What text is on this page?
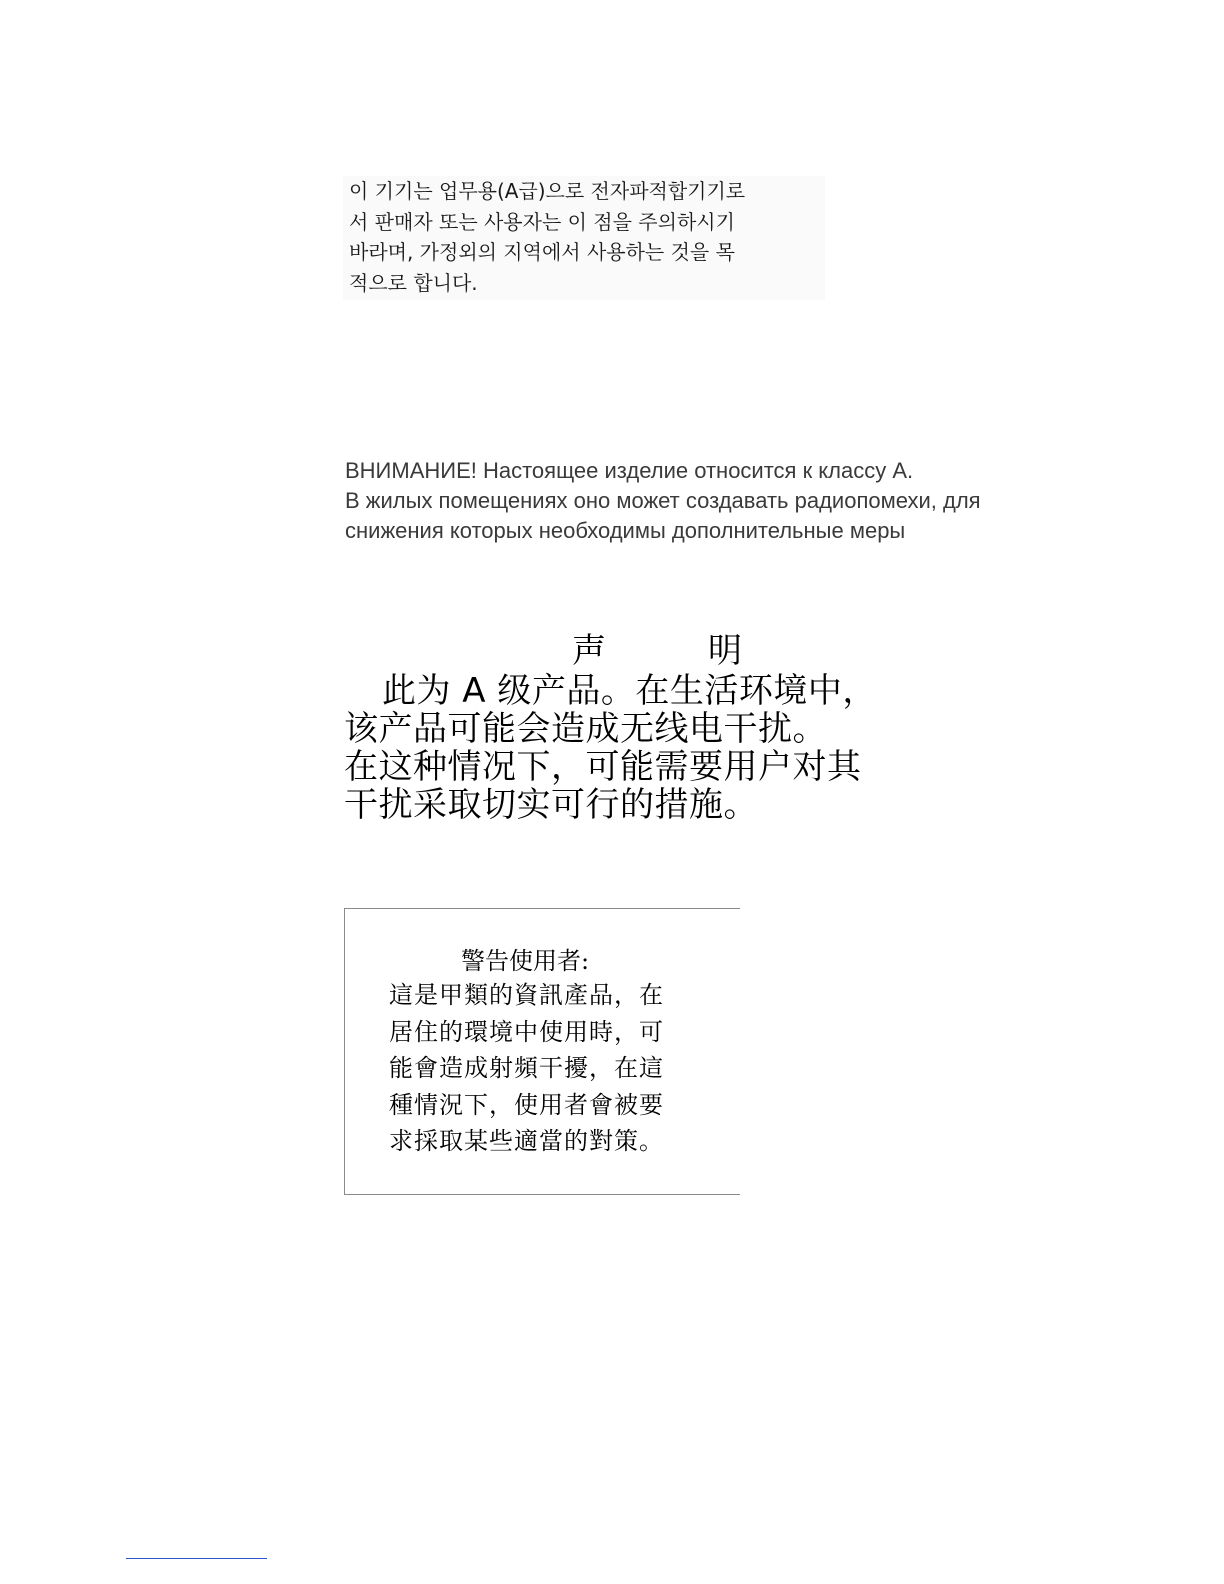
이 기기는 업무용(A급)으로 전자파적합기기로
서 판매자 또는 사용자는 이 점을 주의하시기
바라며, 가정외의 지역에서 사용하는 것을 목
적으로 합니다.
ВНИМАНИЕ! Настоящее изделие относится к классу А.
В жилых помещениях оно может создавать радиопомехи, для
снижения которых необходимы дополнительные меры
声	明
此为 A 级产品。在生活环境中，
该产品可能会造成无线电干扰。
在这种情况下，可能需要用户对其
干扰采取切实可行的措施。
警告使用者:
這是甲類的資訊產品，在
居住的環境中使用時，可
能會造成射頻干擾，在這
種情況下，使用者會被要
求採取某些適當的對策。
